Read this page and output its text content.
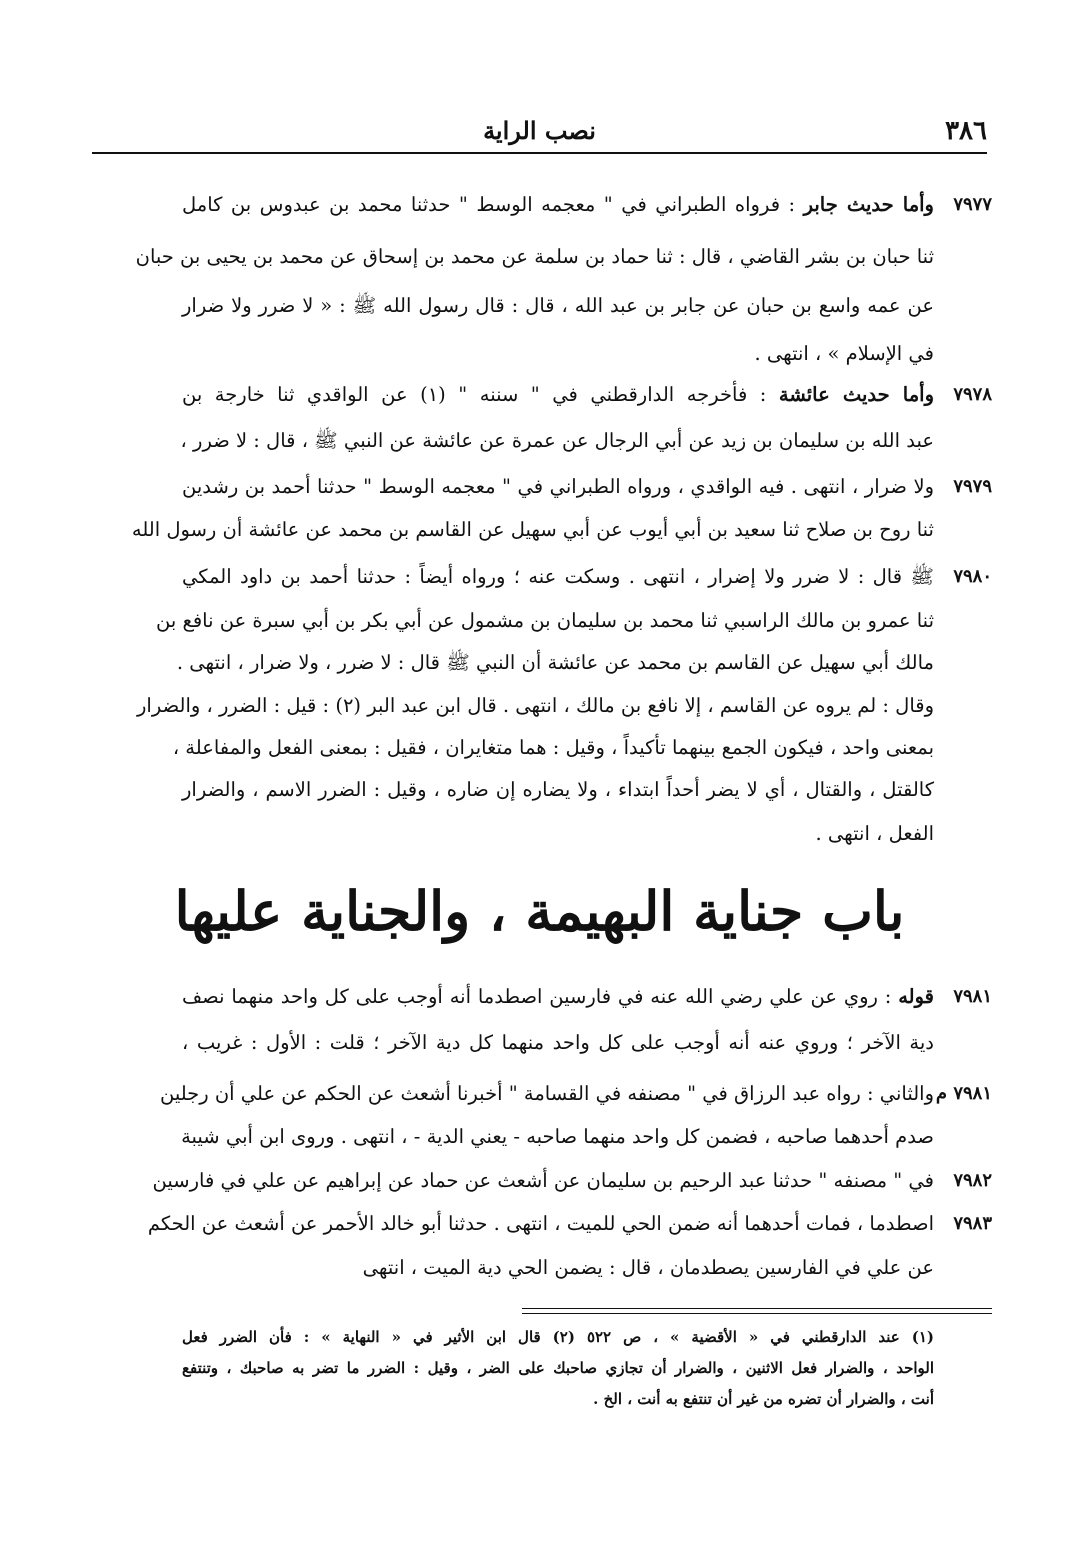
٣٨٦
نصب الراية
٧٩٧٧
وأما حديث جابر : فرواه الطبراني في " معجمه الوسط " حدثنا محمد بن عبدوس بن كامل
ثنا حبان بن بشر القاضي ، قال : ثنا حماد بن سلمة عن محمد بن إسحاق عن محمد بن يحيى بن حبان
عن عمه واسع بن حبان عن جابر بن عبد الله ، قال : قال رسول الله ﷺ : « لا ضرر ولا ضرار
في الإسلام » ، انتهى .
٧٩٧٨
وأما حديث عائشة : فأخرجه الدارقطني في " سننه " (١) عن الواقدي ثنا خارجة بن
عبد الله بن سليمان بن زيد عن أبي الرجال عن عمرة عن عائشة عن النبي ﷺ ، قال : لا ضرر ،
٧٩٧٩
ولا ضرار ، انتهى . فيه الواقدي ، ورواه الطبراني في " معجمه الوسط " حدثنا أحمد بن رشدين
ثنا روح بن صلاح ثنا سعيد بن أبي أيوب عن أبي سهيل عن القاسم بن محمد عن عائشة أن رسول الله
٧٩٨٠
ﷺ قال : لا ضرر ولا إضرار ، انتهى . وسكت عنه ؛ ورواه أيضاً : حدثنا أحمد بن داود المكي
ثنا عمرو بن مالك الراسبي ثنا محمد بن سليمان بن مشمول عن أبي بكر بن أبي سبرة عن نافع بن
مالك أبي سهيل عن القاسم بن محمد عن عائشة أن النبي ﷺ قال : لا ضرر ، ولا ضرار ، انتهى .
وقال : لم يروه عن القاسم ، إلا نافع بن مالك ، انتهى . قال ابن عبد البر (٢) : قيل : الضرر ، والضرار
بمعنى واحد ، فيكون الجمع بينهما تأكيداً ، وقيل : هما متغايران ، فقيل : بمعنى الفعل والمفاعلة ،
كالقتل ، والقتال ، أي لا يضر أحداً ابتداء ، ولا يضاره إن ضاره ، وقيل : الضرر الاسم ، والضرار
الفعل ، انتهى .
باب جناية البهيمة ، والجناية عليها
٧٩٨١
قوله : روي عن علي رضي الله عنه في فارسين اصطدما أنه أوجب على كل واحد منهما نصف
دية الآخر ؛ وروي عنه أنه أوجب على كل واحد منهما كل دية الآخر ؛ قلت : الأول : غريب ،
٧٩٨١ م
والثاني : رواه عبد الرزاق في " مصنفه في القسامة " أخبرنا أشعث عن الحكم عن علي أن رجلين
صدم أحدهما صاحبه ، فضمن كل واحد منهما صاحبه - يعني الدية - ، انتهى . وروى ابن أبي شيبة
٧٩٨٢
في " مصنفه " حدثنا عبد الرحيم بن سليمان عن أشعث عن حماد عن إبراهيم عن علي في فارسين
٧٩٨٣
اصطدما ، فمات أحدهما أنه ضمن الحي للميت ، انتهى . حدثنا أبو خالد الأحمر عن أشعث عن الحكم
عن علي في الفارسين يصطدمان ، قال : يضمن الحي دية الميت ، انتهى
(١) عند الدارقطني في « الأقضية » ، ص ٥٢٢ (٢) قال ابن الأثير في « النهاية » : فأن الضرر فعل
الواحد ، والضرار فعل الاثنين ، والضرار أن تجازي صاحبك على الضر ، وقيل : الضرر ما تضر به صاحبك ، وتنتفع
أنت ، والضرار أن تضره من غير أن تنتفع به أنت ، الخ .
